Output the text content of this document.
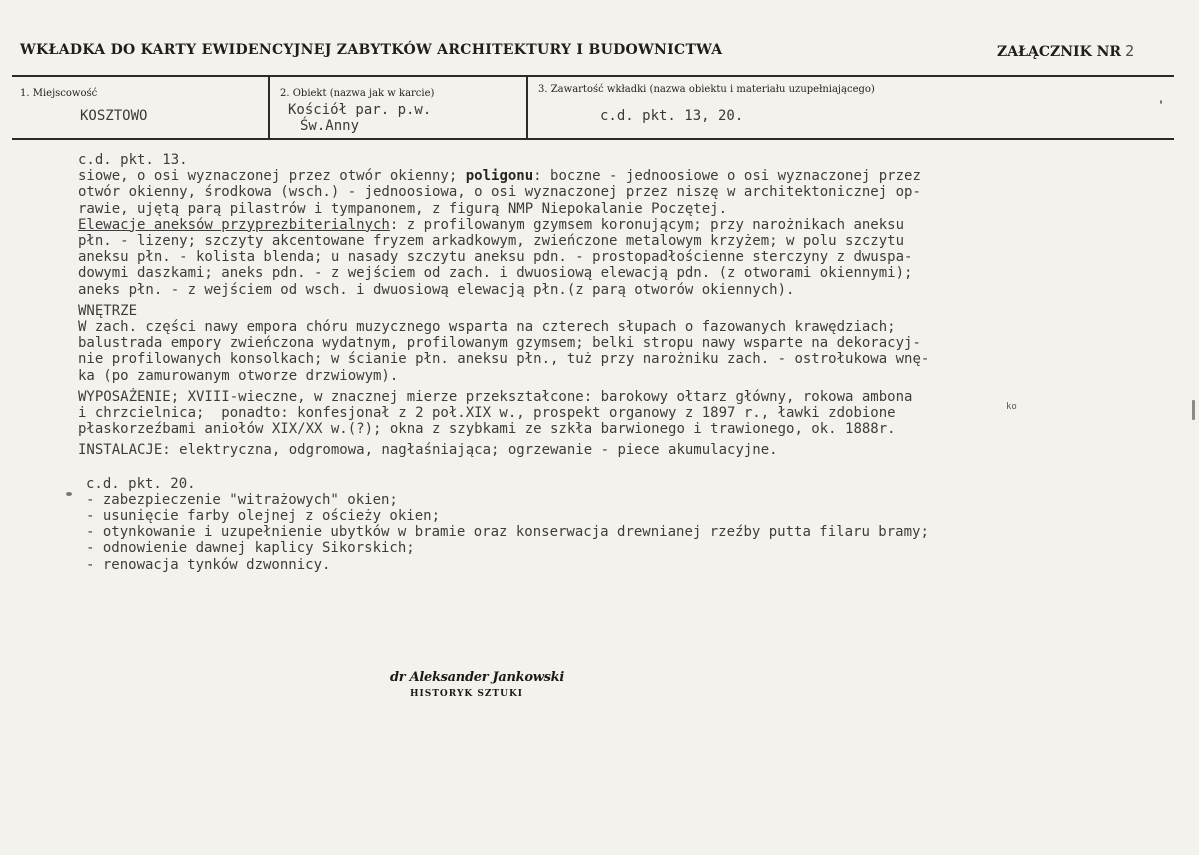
WKŁADKA DO KARTY EWIDENCYJNEJ ZABYTKÓW ARCHITEKTURY I BUDOWNICTWA	ZAŁĄCZNIK NR 2
1. Miejscowość
KOSZTOWO
2. Obiekt (nazwa jak w karcie)
Kościół par. p.w.
Św.Anny
3. Zawartość wkładki (nazwa obiektu i materiału uzupełniającego)
c.d. pkt. 13, 20.
c.d. pkt. 13.
siowe, o osi wyznaczonej przez otwór okienny; poligonu: boczne - jednoosiowe o osi wyznaczonej przez
otwór okienny, środkowa (wsch.) - jednoosiowa, o osi wyznaczonej przez niszę w architektonicznej op-
rawie, ujętą parą pilastrów i tympanonem, z figurą NMP Niepokalanie Poczętej.
Elewacje aneksów przyprezbiterialnych: z profilowanym gzymsem koronującym; przy narożnikach aneksu
płn. - lizeny; szczyty akcentowane fryzem arkadkowym, zwieńczone metalowym krzyżem; w polu szczytu
aneksu płn. - kolista blenda; u nasady szczytu aneksu pdn. - prostopadłościenne sterczyny z dwuspa-
dowymi daszkami; aneks pdn. - z wejściem od zach. i dwuosiową elewacją pdn. (z otworami okiennymi);
aneks płn. - z wejściem od wsch. i dwuosiową elewacją płn.(z parą otworów okiennych).
WNĘTRZE
W zach. części nawy empora chóru muzycznego wsparta na czterech słupach o fazowanych krawędziach;
balustrada empory zwieńczona wydatnym, profilowanym gzymsem; belki stropu nawy wsparte na dekoracyj-
nie profilowanych konsolkach; w ścianie płn. aneksu płn., tuż przy narożniku zach. - ostrołukowa wnę-
ka (po zamurowanym otworze drzwiowym).
WYPOSAŻENIE; XVIII-wieczne, w znacznej mierze przekształcone: barokowy ołtarz główny, rokowa ambona
i chrzcielnica;  ponadto: konfesjonał z 2 poł.XIX w., prospekt organowy z 1897 r., ławki zdobione
płaskorzeźbami aniołów XIX/XX w.(?); okna z szybkami ze szkła barwionego i trawionego, ok. 1888r.
INSTALACJE: elektryczna, odgromowa, nagłaśniająca; ogrzewanie - piece akumulacyjne.
c.d. pkt. 20.
- zabezpieczenie "witrażowych" okien;
- usunięcie farby olejnej z ościeży okien;
- otynkowanie i uzupełnienie ubytków w bramie oraz konserwacja drewnianej rzeźby putta filaru bramy;
- odnowienie dawnej kaplicy Sikorskich;
- renowacja tynków dzwonnicy.
ko
dr Aleksander Jankowski
HISTORYK SZTUKI
